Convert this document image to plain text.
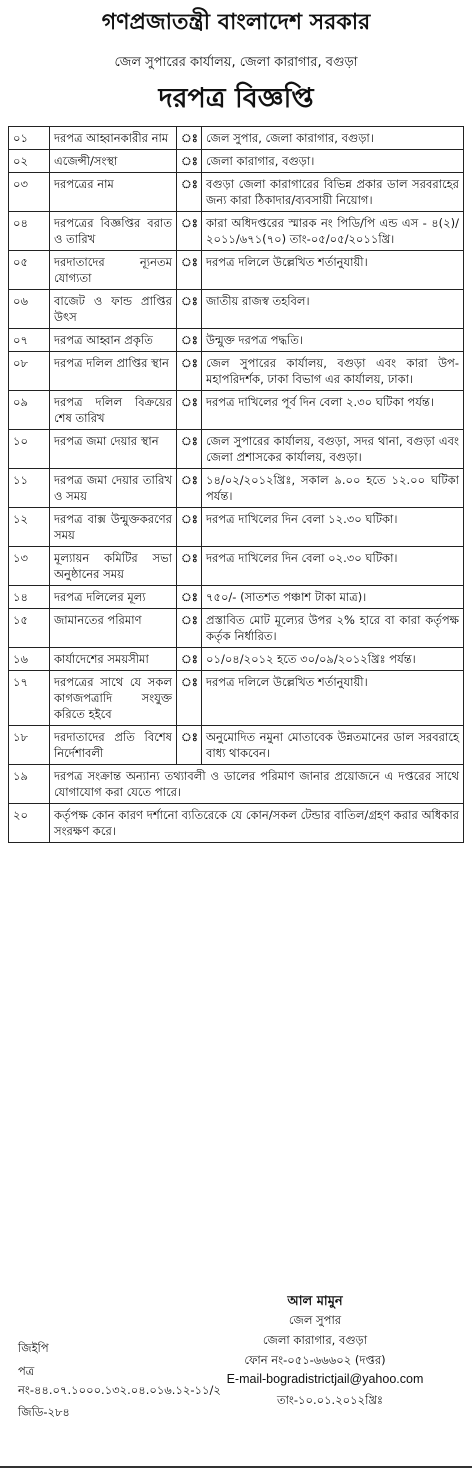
গণপ্রজাতন্ত্রী বাংলাদেশ সরকার
জেল সুপারের কার্যালয়, জেলা কারাগার, বগুড়া
দরপত্র বিজ্ঞপ্তি
০১	দরপত্র আহ্বানকারীর নাম	ঃ	জেল সুপার, জেলা কারাগার, বগুড়া।
০২	এজেন্সী/সংস্থা	ঃ	জেলা কারাগার, বগুড়া।
০৩	দরপত্রের নাম	ঃ	বগুড়া জেলা কারাগারের বিভিন্ন প্রকার ডাল সরবরাহের জন্য কারা ঠিকাদার/ব্যবসায়ী নিয়োগ।
০৪	দরপত্রের বিজ্ঞপ্তির বরাত ও তারিখ	ঃ	কারা অধিদপ্তরের স্মারক নং পিডি/পি এন্ড এস - ৪(২)/২০১১/৬৭১(৭০) তাং-০৫/০৫/২০১১খ্রি।
০৫	দরদাতাদের ন্যূনতম যোগ্যতা	ঃ	দরপত্র দলিলে উল্লেখিত শর্তানুযায়ী।
০৬	বাজেট ও ফান্ড প্রাপ্তির উৎস	ঃ	জাতীয় রাজস্ব তহবিল।
০৭	দরপত্র আহ্বান প্রকৃতি	ঃ	উন্মুক্ত দরপত্র পদ্ধতি।
০৮	দরপত্র দলিল প্রাপ্তির স্থান	ঃ	জেল সুপারের কার্যালয়, বগুড়া এবং কারা উপ-মহাপরিদর্শক, ঢাকা বিভাগ এর কার্যালয়, ঢাকা।
০৯	দরপত্র দলিল বিক্রয়ের শেষ তারিখ	ঃ	দরপত্র দাখিলের পূর্ব দিন বেলা ২.৩০ ঘটিকা পর্যন্ত।
১০	দরপত্র জমা দেয়ার স্থান	ঃ	জেল সুপারের কার্যালয়, বগুড়া, সদর থানা, বগুড়া এবং জেলা প্রশাসকের কার্যালয়, বগুড়া।
১১	দরপত্র জমা দেয়ার তারিখ ও সময়	ঃ	১৪/০২/২০১২খ্রিঃ, সকাল ৯.০০ হতে ১২.০০ ঘটিকা পর্যন্ত।
১২	দরপত্র বাক্স উন্মুক্তকরণের সময়	ঃ	দরপত্র দাখিলের দিন বেলা ১২.৩০ ঘটিকা।
১৩	মূল্যায়ন কমিটির সভা অনুষ্ঠানের সময়	ঃ	দরপত্র দাখিলের দিন বেলা ০২.৩০ ঘটিকা।
১৪	দরপত্র দলিলের মূল্য	ঃ	৭৫০/- (সাতশত পঞ্চাশ টাকা মাত্র)।
১৫	জামানতের পরিমাণ	ঃ	প্রস্তাবিত মোট মূল্যের উপর ২% হারে বা কারা কর্তৃপক্ষ কর্তৃক নির্ধারিত।
১৬	কার্যাদেশের সময়সীমা	ঃ	০১/০৪/২০১২ হতে ৩০/০৯/২০১২খ্রিঃ পর্যন্ত।
১৭	দরপত্রের সাথে যে সকল কাগজপত্রাদি সংযুক্ত করিতে হইবে	ঃ	দরপত্র দলিলে উল্লেখিত শর্তানুযায়ী।
১৮	দরদাতাদের প্রতি বিশেষ নির্দেশাবলী	ঃ	অনুমোদিত নমুনা মোতাবেক উন্নতমানের ডাল সরবরাহে বাধ্য থাকবেন।
১৯	দরপত্র সংক্রান্ত অন্যান্য তথ্যাবলী ও ডালের পরিমাণ জানার প্রয়োজনে এ দপ্তরের সাথে যোগাযোগ করা যেতে পারে।		
২০	কর্তৃপক্ষ কোন কারণ দর্শানো ব্যতিরেকে যে কোন/সকল টেন্ডার বাতিল/গ্রহণ করার অধিকার সংরক্ষণ করে।		
আল মামুন
জেল সুপার
জেলা কারাগার, বগুড়া
ফোন নং-০৫১-৬৬৬০২ (দপ্তর)
E-mail-bogradistrictjail@yahoo.com
তাং-১০.০১.২০১২খ্রিঃ
জিইপি
পত্র নং-৪৪.০৭.১০০০.১৩২.০৪.০১৬.১২-১১/২
জিডি-২৮৪
